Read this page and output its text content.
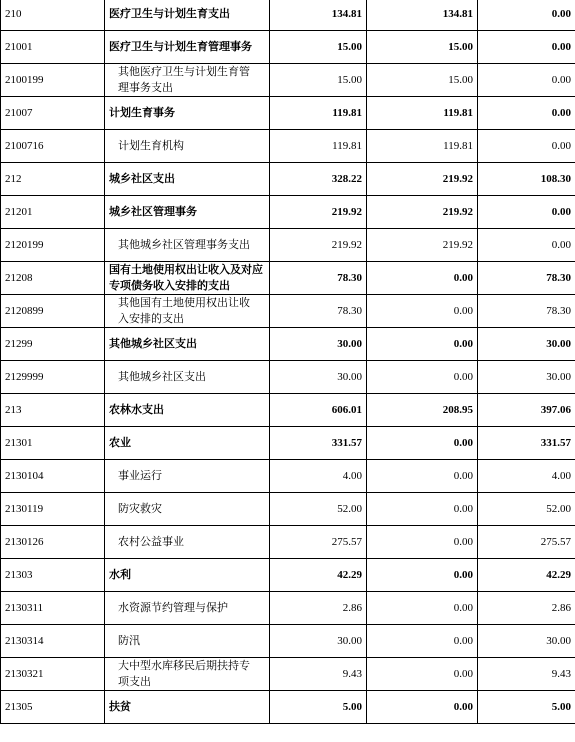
210	医疗卫生与计划生育支出	134.81	134.81	0.00
21001	医疗卫生与计划生育管理事务	15.00	15.00	0.00
2100199	其他医疗卫生与计划生育管理事务支出	15.00	15.00	0.00
21007	计划生育事务	119.81	119.81	0.00
2100716	计划生育机构	119.81	119.81	0.00
212	城乡社区支出	328.22	219.92	108.30
21201	城乡社区管理事务	219.92	219.92	0.00
2120199	其他城乡社区管理事务支出	219.92	219.92	0.00
21208	国有土地使用权出让收入及对应专项债务收入安排的支出	78.30	0.00	78.30
2120899	其他国有土地使用权出让收入安排的支出	78.30	0.00	78.30
21299	其他城乡社区支出	30.00	0.00	30.00
2129999	其他城乡社区支出	30.00	0.00	30.00
213	农林水支出	606.01	208.95	397.06
21301	农业	331.57	0.00	331.57
2130104	事业运行	4.00	0.00	4.00
2130119	防灾救灾	52.00	0.00	52.00
2130126	农村公益事业	275.57	0.00	275.57
21303	水利	42.29	0.00	42.29
2130311	水资源节约管理与保护	2.86	0.00	2.86
2130314	防汛	30.00	0.00	30.00
2130321	大中型水库移民后期扶持专项支出	9.43	0.00	9.43
21305	扶贫	5.00	0.00	5.00
